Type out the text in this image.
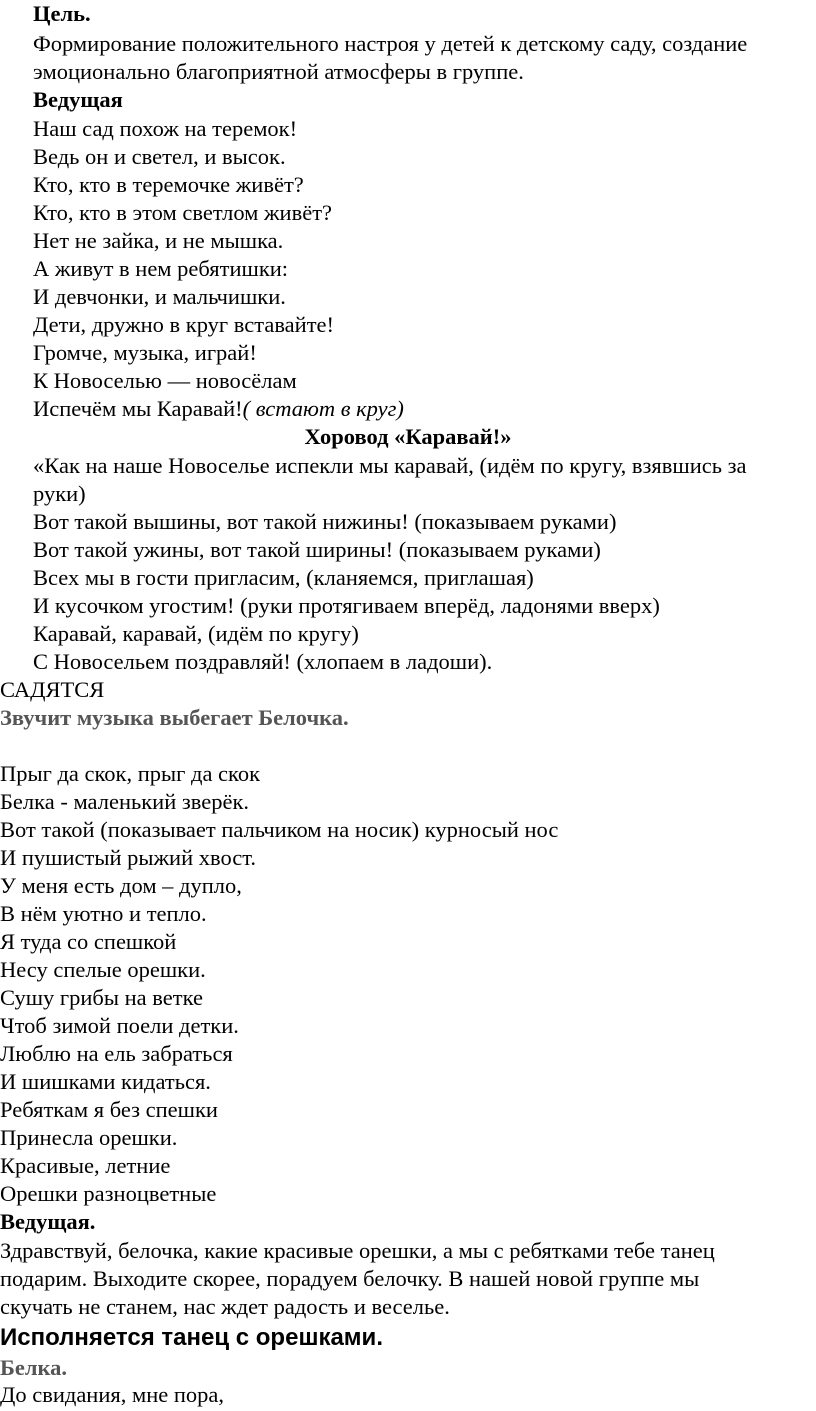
Цель.
Формирование положительного настроя у детей к детскому саду, создание
эмоционально благоприятной атмосферы в группе.
Ведущая
Наш сад похож на теремок!
Ведь он и светел, и высок.
Кто, кто в теремочке живёт?
Кто, кто в этом светлом живёт?
Нет не зайка, и не мышка.
А живут в нем ребятишки:
И девчонки, и мальчишки.
Дети, дружно в круг вставайте!
Громче, музыка, играй!
К Новоселью — новосёлам
Испечём мы Каравай!( встают в круг)
Хоровод «Каравай!»
«Как на наше Новоселье испекли мы каравай, (идём по кругу, взявшись за
руки)
Вот такой вышины, вот такой нижины! (показываем руками)
Вот такой ужины, вот такой ширины! (показываем руками)
Всех мы в гости пригласим, (кланяемся, приглашая)
И кусочком угостим! (руки протягиваем вперёд, ладонями вверх)
Каравай, каравай, (идём по кругу)
С Новосельем поздравляй! (хлопаем в ладоши).
САДЯТСЯ
Звучит музыка выбегает Белочка.
Прыг да скок, прыг да скок
Белка - маленький зверёк.
Вот такой (показывает пальчиком на носик) курносый нос
И пушистый рыжий хвост.
У меня есть дом – дупло,
В нём уютно и тепло.
Я туда со спешкой
Несу спелые орешки.
Сушу грибы на ветке
Чтоб зимой поели детки.
Люблю на ель забраться
И шишками кидаться.
Ребяткам я без спешки
Принесла орешки.
Красивые, летние
Орешки разноцветные
Ведущая.
Здравствуй, белочка, какие красивые орешки, а мы с ребятками тебе танец
подарим. Выходите скорее, порадуем белочку. В нашей новой группе мы
скучать не станем, нас ждет радость и веселье.
Исполняется танец с орешками.
Белка.
До свидания, мне пора,
